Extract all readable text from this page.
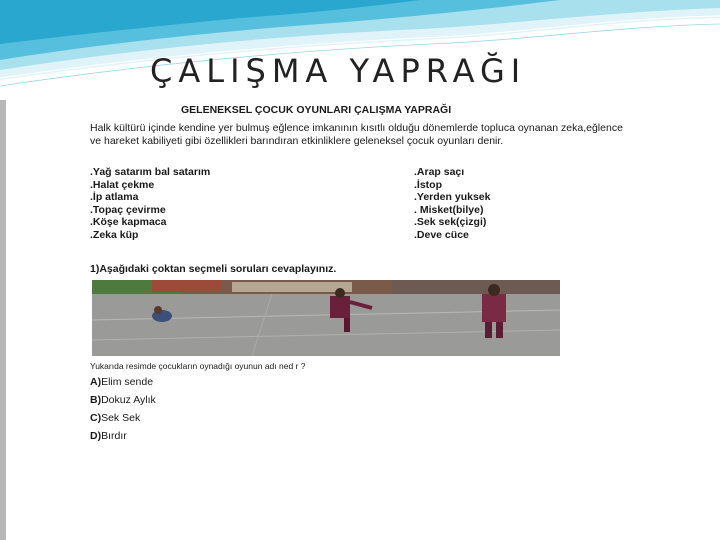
ÇALIŞMA YAPRAĞI
GELENEKSEL ÇOCUK OYUNLARI ÇALIŞMA YAPRAĞI
Halk kültürü içinde kendine yer bulmuş eğlence imkanının kısıtlı olduğu dönemlerde topluca oynanan zeka,eğlence ve hareket kabiliyeti gibi özellikleri barındıran etkinliklere geleneksel çocuk oyunları denir.
.Yağ satarım bal satarım
.Halat çekme
.İp atlama
.Topaç çevirme
.Köşe kapmaca
.Zeka küp
.Arap saçı
.İstop
.Yerden yuksek
. Misket(bilye)
.Sek sek(çizgi)
.Deve cüce
1)Aşağıdaki çoktan seçmeli soruları cevaplayınız.
Yukarıda resimde çocukların oynadığı oyunun adı ned r ?
A)Elim sende
B)Dokuz Aylık
C)Sek Sek
D)Bırdır
